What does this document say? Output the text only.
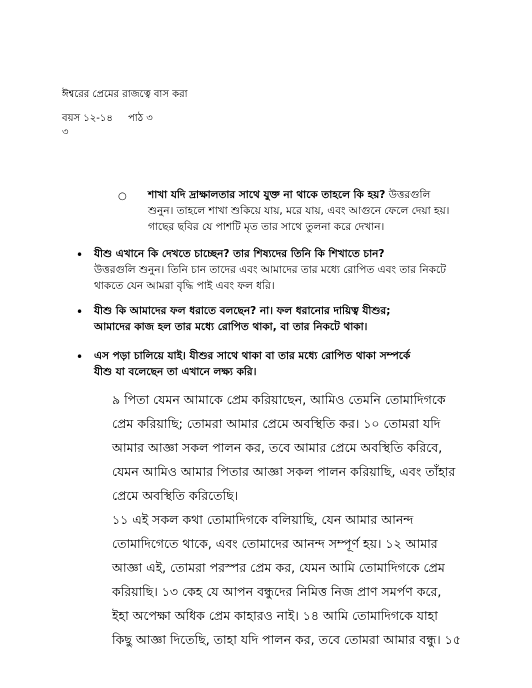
ঈশ্বরের প্রেমের রাজত্বে বাস করা
বয়স ১২-১৪ পাঠ ৩
৩
○ শাখা যদি দ্রাক্ষালতার সাথে যুক্ত না থাকে তাহলে কি হয়? উত্তরগুলি
শুনুন। তাহলে শাখা শুকিয়ে যায়, মরে যায়, এবং আগুনে ফেলে দেয়া হয়।
গাছের ছবির যে পাশটি মৃত তার সাথে তুলনা করে দেখান।
• যীশু এখানে কি দেখতে চাচ্ছেন? তার শিষ্যদের তিনি কি শিখাতে চান?
উত্তরগুলি শুনুন। তিনি চান তাদের এবং আমাদের তার মধ্যে রোপিত এবং তার নিকটে
থাকতে যেন আমরা বৃদ্ধি পাই এবং ফল ধরি।
• যীশু কি আমাদের ফল ধরাতে বলছেন? না। ফল ধরানোর দায়িত্ব যীশুর;
আমাদের কাজ হল তার মধ্যে রোপিত থাকা, বা তার নিকটে থাকা।
• এস পড়া চালিয়ে যাই। যীশুর সাথে থাকা বা তার মধ্যে রোপিত থাকা সম্পর্কে
যীশু যা বলেছেন তা এখানে লক্ষ্য করি।
৯ পিতা যেমন আমাকে প্রেম করিয়াছেন, আমিও তেমনি তোমাদিগকে
প্রেম করিয়াছি; তোমরা আমার প্রেমে অবস্থিতি কর। ১০ তোমরা যদি
আমার আজ্ঞা সকল পালন কর, তবে আমার প্রেমে অবস্থিতি করিবে,
যেমন আমিও আমার পিতার আজ্ঞা সকল পালন করিয়াছি, এবং তাঁহার
প্রেমে অবস্থিতি করিতেছি।
১১ এই সকল কথা তোমাদিগকে বলিয়াছি, যেন আমার আনন্দ
তোমাদিগেতে থাকে, এবং তোমাদের আনন্দ সম্পূর্ণ হয়। ১২ আমার
আজ্ঞা এই, তোমরা পরস্পর প্রেম কর, যেমন আমি তোমাদিগকে প্রেম
করিয়াছি। ১৩ কেহ যে আপন বন্ধুদের নিমিত্ত নিজ প্রাণ সমর্পণ করে,
ইহা অপেক্ষা অধিক প্রেম কাহারও নাই। ১৪ আমি তোমাদিগকে যাহা
কিছু আজ্ঞা দিতেছি, তাহা যদি পালন কর, তবে তোমরা আমার বন্ধু। ১৫
